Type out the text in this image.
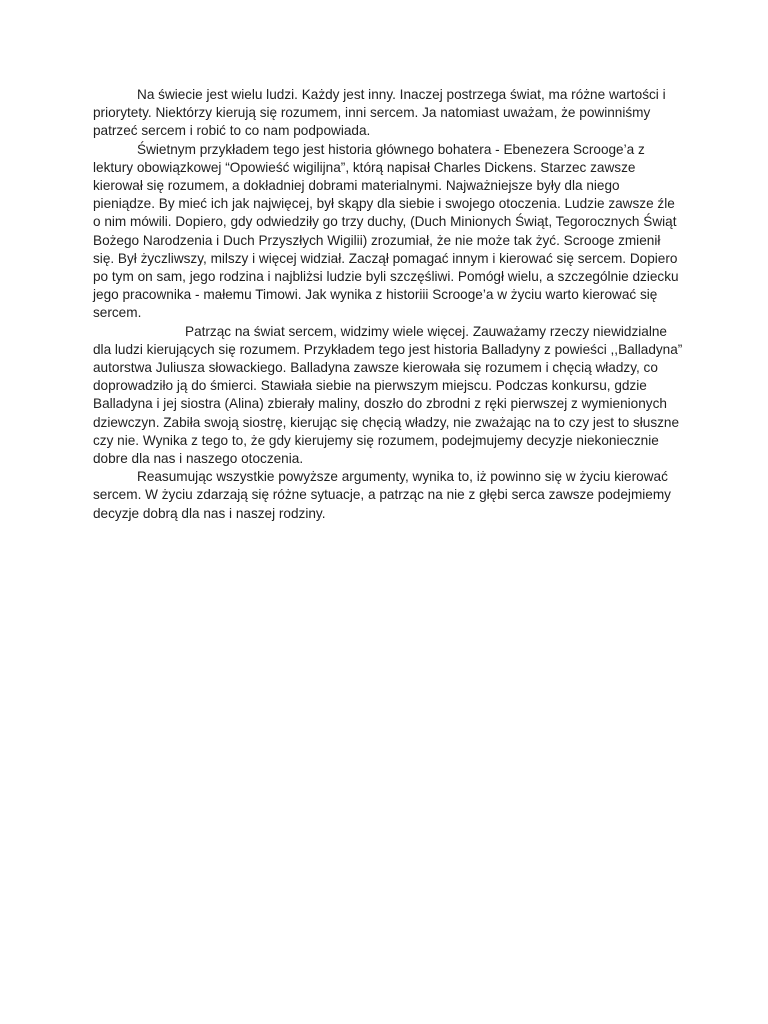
Na świecie jest wielu ludzi. Każdy jest inny. Inaczej postrzega świat, ma różne wartości i priorytety. Niektórzy kierują się rozumem, inni sercem. Ja natomiast uważam, że powinniśmy patrzeć sercem i robić to co nam podpowiada.

Świetnym przykładem tego jest historia głównego bohatera - Ebenezera Scrooge’a z lektury obowiązkowej “Opowieść wigilijna”, którą napisał Charles Dickens. Starzec zawsze kierował się rozumem, a dokładniej dobrami materialnymi. Najważniejsze były dla niego pieniądze. By mieć ich jak najwięcej, był skąpy dla siebie i swojego otoczenia. Ludzie zawsze źle o nim mówili. Dopiero, gdy odwiedziły go trzy duchy, (Duch Minionych Świąt, Tegorocznych Świąt Bożego Narodzenia i Duch Przyszłych Wigilii) zrozumiał, że nie może tak żyć. Scrooge zmienił się. Był życzliwszy, milszy i więcej widział. Zaczął pomagać innym i kierować się sercem. Dopiero po tym on sam, jego rodzina i najbliżsi ludzie byli szczęśliwi. Pomógł wielu, a szczególnie dziecku jego pracownika - małemu Timowi. Jak wynika z historiii Scrooge’a w życiu warto kierować się sercem.

Patrząc na świat sercem, widzimy wiele więcej. Zauważamy rzeczy niewidzialne dla ludzi kierujących się rozumem. Przykładem tego jest historia Balladyny z powieści ,,Balladyna” autorstwa Juliusza słowackiego. Balladyna zawsze kierowała się rozumem i chęcią władzy, co doprowadziło ją do śmierci. Stawiała siebie na pierwszym miejscu. Podczas konkursu, gdzie Balladyna i jej siostra (Alina) zbierały maliny, doszło do zbrodni z ręki pierwszej z wymienionych dziewczyn. Zabiła swoją siostrę, kierując się chęcią władzy, nie zważając na to czy jest to słuszne czy nie. Wynika z tego to, że gdy kierujemy się rozumem, podejmujemy decyzje niekoniecznie dobre dla nas i naszego otoczenia.

Reasumując wszystkie powyższe argumenty, wynika to, iż powinno się w życiu kierować sercem. W życiu zdarzają się różne sytuacje, a patrząc na nie z głębi serca zawsze podejmiemy decyzje dobrą dla nas i naszej rodziny.
